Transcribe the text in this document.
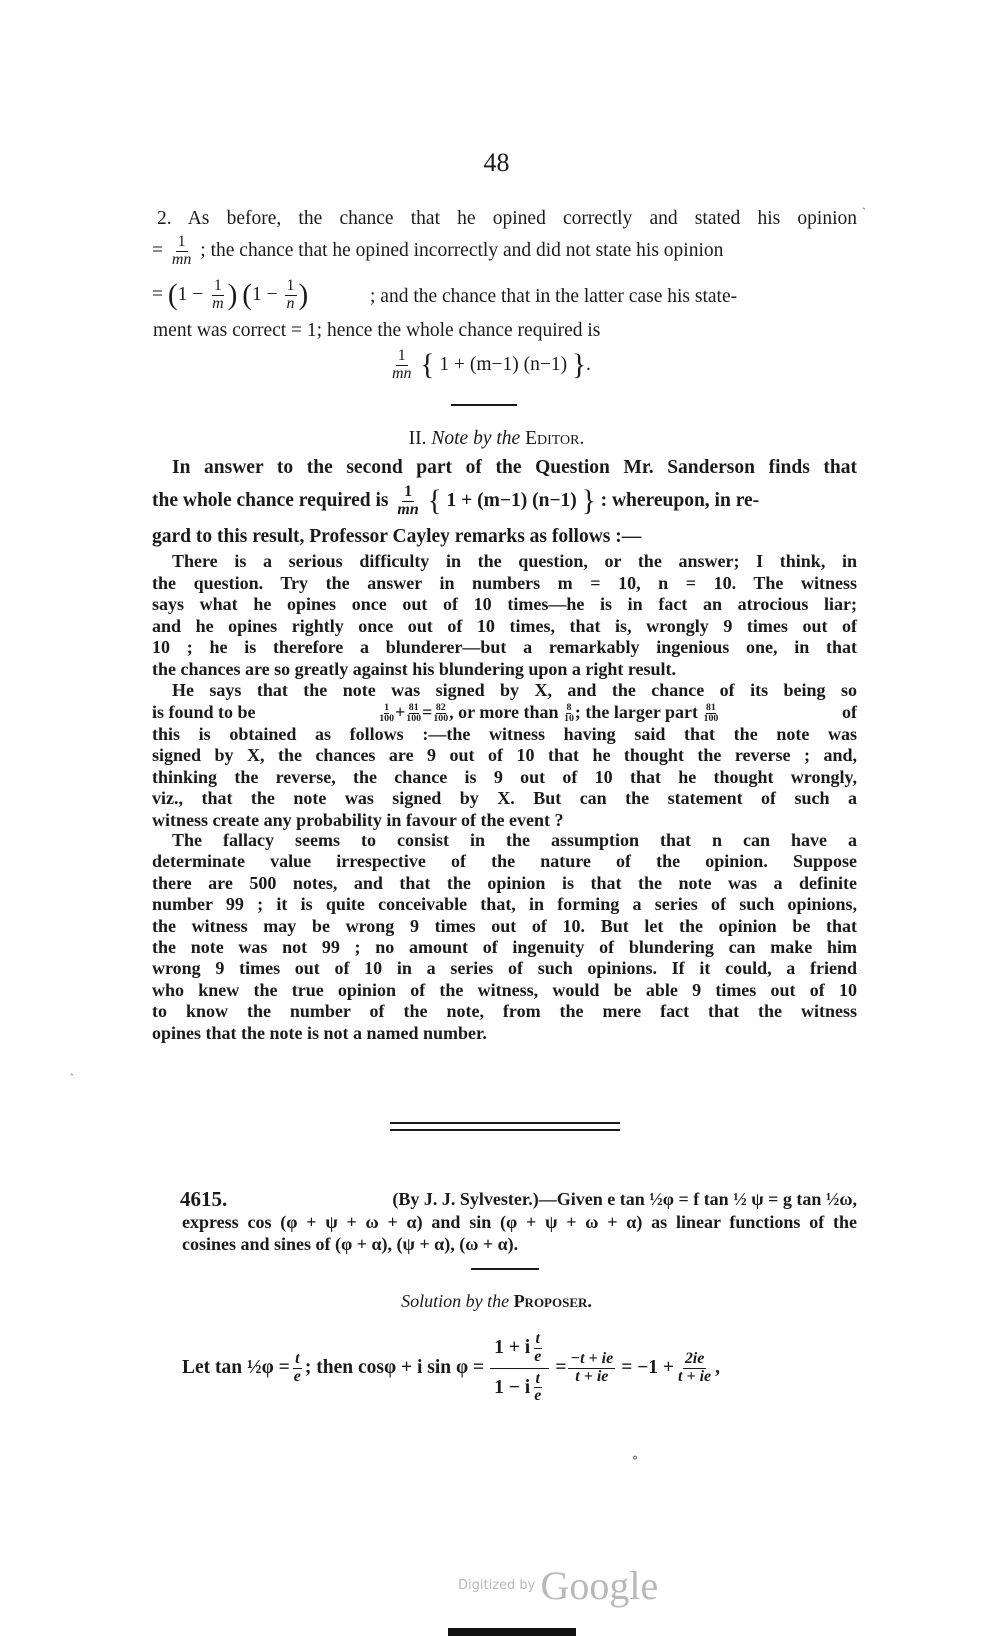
48
2. As before, the chance that he opined correctly and stated his opinion
= $\frac{1}{mn}$ ; the chance that he opined incorrectly and did not state his opinion
= ($1 - \frac{1}{m}$ ) ($1 - \frac{1}{n}$ )	; and the chance that in the latter case his state-
ment was correct = 1; hence the whole chance required is
$\frac{1}{mn}$ { 1 + (m−1) (n−1) }.
II. Note by the Editor.
In answer to the second part of the Question Mr. Sanderson finds that
the whole chance required is $\frac{1}{mn}$ { 1 + (m−1) (n−1) } : whereupon, in re-
gard to this result, Professor Cayley remarks as follows :—
There is a serious difficulty in the question, or the answer; I think, in
the question. Try the answer in numbers m = 10, n = 10. The witness
says what he opines once out of 10 times—he is in fact an atrocious liar;
and he opines rightly once out of 10 times, that is, wrongly 9 times out of
10 ; he is therefore a blunderer—but a remarkably ingenious one, in that
the chances are so greatly against his blundering upon a right result.
He says that the note was signed by X, and the chance of its being so
is found to be	$\frac{1}{100} + \frac{81}{100} = \frac{82}{100}$ , or more than $\frac{8}{10}$ ; the larger part $\frac{81}{100}$	of
this is obtained as follows :—the witness having said that the note was
signed by X, the chances are 9 out of 10 that he thought the reverse ; and,
thinking the reverse, the chance is 9 out of 10 that he thought wrongly,
viz., that the note was signed by X. But can the statement of such a
witness create any probability in favour of the event ?
The fallacy seems to consist in the assumption that n can have a
determinate value irrespective of the nature of the opinion. Suppose
there are 500 notes, and that the opinion is that the note was a definite
number 99 ; it is quite conceivable that, in forming a series of such opinions,
the witness may be wrong 9 times out of 10. But let the opinion be that
the note was not 99 ; no amount of ingenuity of blundering can make him
wrong 9 times out of 10 in a series of such opinions. If it could, a friend
who knew the true opinion of the witness, would be able 9 times out of 10
to know the number of the note, from the mere fact that the witness
opines that the note is not a named number.
4615.	(By J. J. Sylvester.)—Given e tan ½φ = f tan ½ ψ = g tan ½ω,
express cos (φ + ψ + ω + α) and sin (φ + ψ + ω + α) as linear functions of the
cosines and sines of (φ + α), (ψ + α), (ω + α).
Solution by the Proposer.
Let tan ½φ = $\frac{t}{e}$ ; then cosφ + i $\sin \varphi = \frac{1 + i \frac{t}{e}}{1 - i \frac{t}{e}} = \frac{-t + ie}{t + ie} = -1 + \frac{2ie}{t + ie}$ ,
ˎ
ˏ
°
Digitized by Google
